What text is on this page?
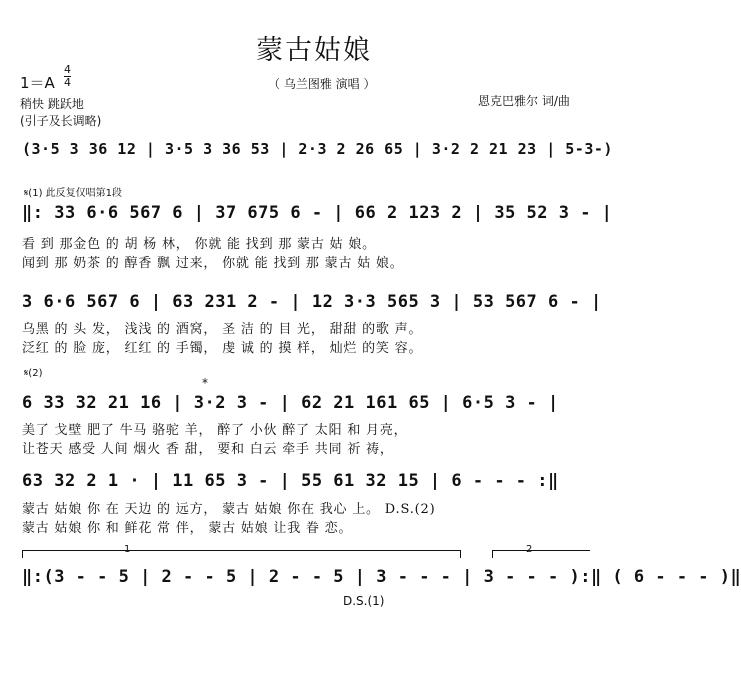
蒙古姑娘
（ 乌兰图雅 演唱 ）
恩克巴雅尔 词/曲
1＝A
4
4
稍快 跳跃地
(引子及长调略)
(3·5 3 36 12 | 3·5 3 36 53 | 2·3 2 26 65 | 3·2 2 21 23 | 5-3-)
𝄋(1) 此反复仅唱第1段
‖: 33 6·6 567 6 | 37 675 6 - | 66 2 123 2 | 35 52 3 - |
看 到 那金色 的 胡 杨 林， 你就 能 找到 那 蒙古 姑 娘。
闻到 那 奶茶 的 醇香 飘 过来， 你就 能 找到 那 蒙古 姑 娘。
3 6·6 567 6 | 63 231 2 - | 12 3·3 565 3 | 53 567 6 - |
乌黑 的 头 发， 浅浅 的 酒窝， 圣 洁 的 目 光， 甜甜 的歌 声。
泛红 的 脸 庞， 红红 的 手镯， 虔 诚 的 摸 样， 灿烂 的笑 容。
𝄋(2)
*
6 33 32 21 16 | 3·2 3 - | 62 21 161 65 | 6·5 3 - |
美了 戈壁 肥了 牛马 骆驼 羊， 醉了 小伙 醉了 太阳 和 月亮，
让苍天 感受 人间 烟火 香 甜， 要和 白云 牵手 共同 祈 祷，
63 32 2 1 · | 11 65 3 - | 55 61 32 15 | 6 - - - :‖
蒙古 姑娘 你 在 天边 的 远方， 蒙古 姑娘 你在 我心 上。 D.S.(2)
蒙古 姑娘 你 和 鲜花 常 伴， 蒙古 姑娘 让我 眷 恋。
1	2
‖:(3 - - 5 | 2 - - 5 | 2 - - 5 | 3 - - - | 3 - - - ):‖ ( 6 - - - )‖
D.S.(1)
